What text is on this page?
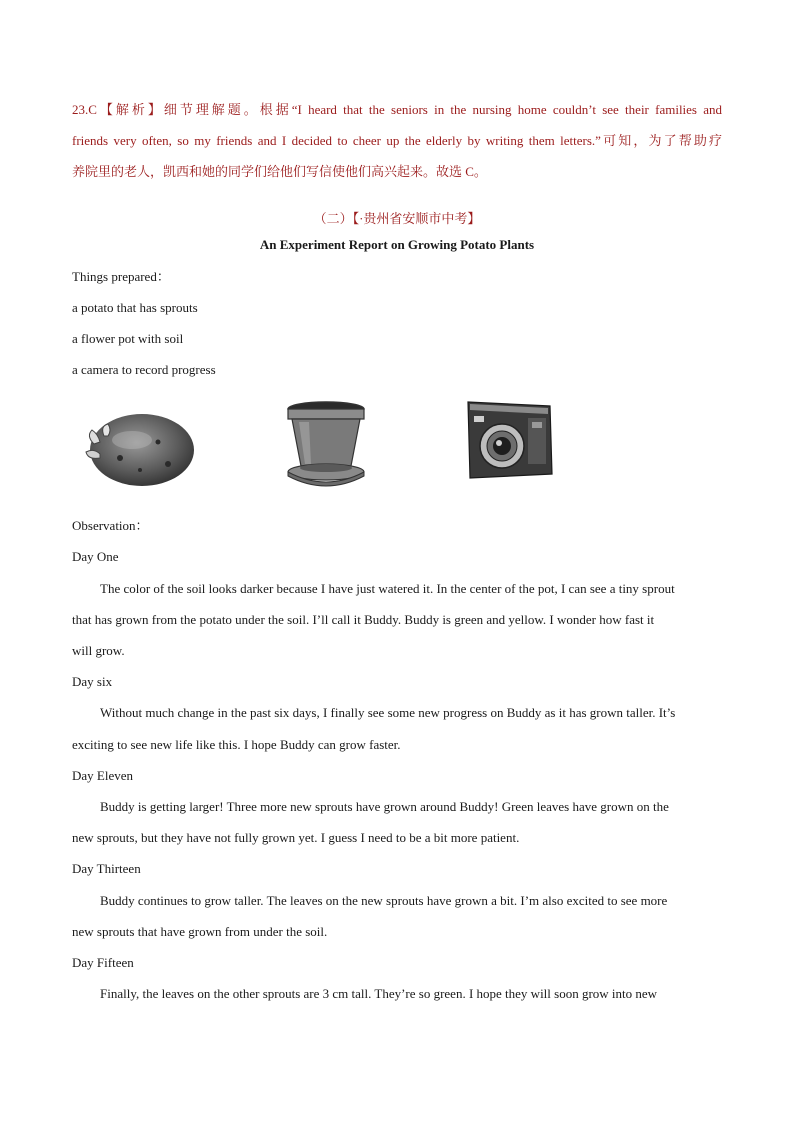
23.C【解析】细节理解题。根据“I heard that the seniors in the nursing home couldn’t see their families and
friends very often, so my friends and I decided to cheer up the elderly by writing them letters.”可知，为了帮助疗
养院里的老人，凯西和她的同学们给他们写信使他们高兴起来。故选 C。
（二）【·贵州省安顺市中考】
An Experiment Report on Growing Potato Plants
Things prepared：
a potato that has sprouts
a flower pot with soil
a camera to record progress
Observation：
Day One
The color of the soil looks darker because I have just watered it. In the center of the pot, I can see a tiny sprout
that has grown from the potato under the soil. I’ll call it Buddy. Buddy is green and yellow. I wonder how fast it
will grow.
Day six
Without much change in the past six days, I finally see some new progress on Buddy as it has grown taller. It’s
exciting to see new life like this. I hope Buddy can grow faster.
Day Eleven
Buddy is getting larger! Three more new sprouts have grown around Buddy! Green leaves have grown on the
new sprouts, but they have not fully grown yet. I guess I need to be a bit more patient.
Day Thirteen
Buddy continues to grow taller. The leaves on the new sprouts have grown a bit. I’m also excited to see more
new sprouts that have grown from under the soil.
Day Fifteen
Finally, the leaves on the other sprouts are 3 cm tall. They’re so green. I hope they will soon grow into new
